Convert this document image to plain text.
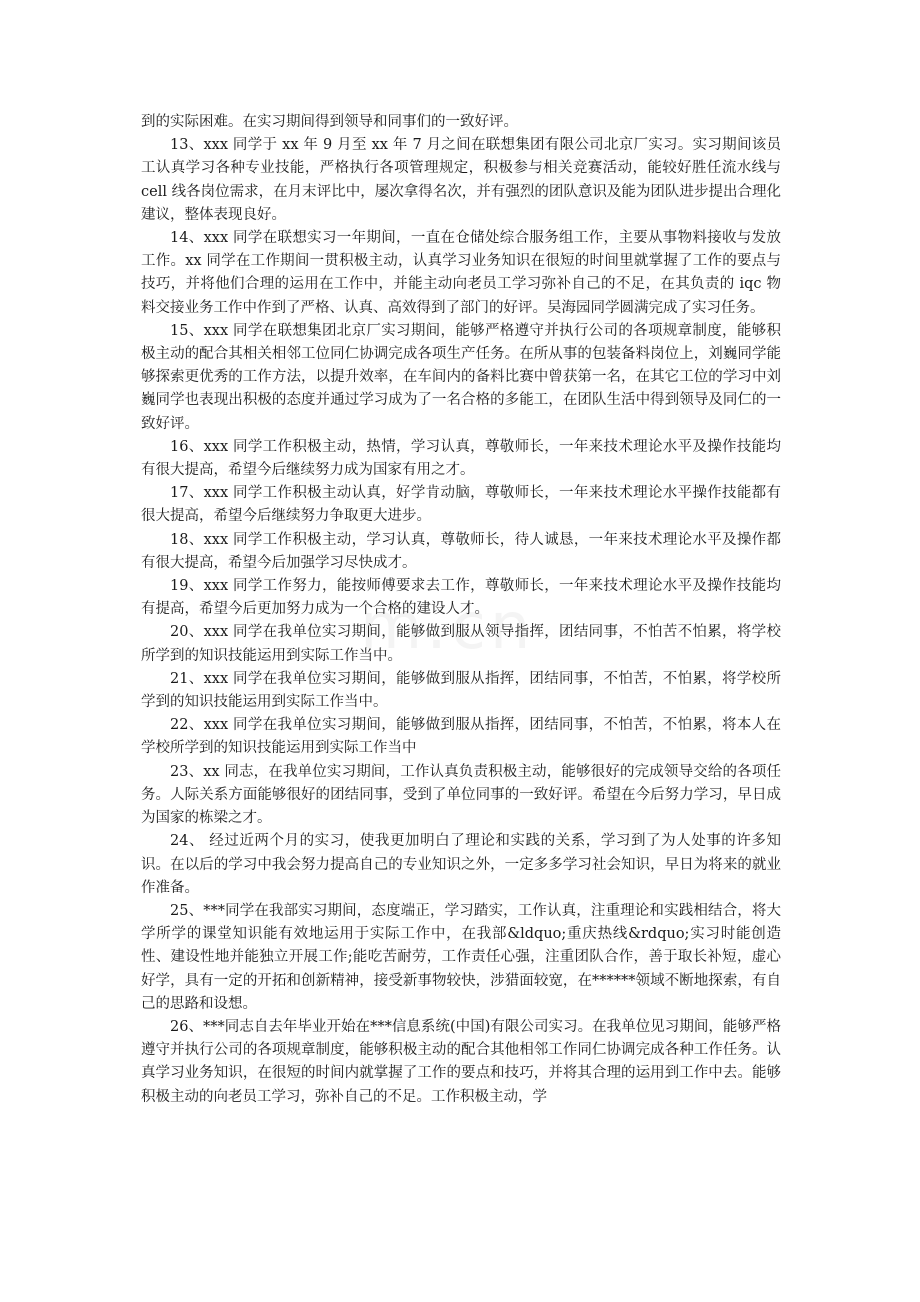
到的实际困难。在实习期间得到领导和同事们的一致好评。

13、xxx 同学于 xx 年 9 月至 xx 年 7 月之间在联想集团有限公司北京厂实习。实习期间该员工认真学习各种专业技能，严格执行各项管理规定，积极参与相关竞赛活动，能较好胜任流水线与 cell 线各岗位需求，在月末评比中，屡次拿得名次，并有强烈的团队意识及能为团队进步提出合理化建议，整体表现良好。

14、xxx 同学在联想实习一年期间，一直在仓储处综合服务组工作，主要从事物料接收与发放工作。xx 同学在工作期间一贯积极主动，认真学习业务知识在很短的时间里就掌握了工作的要点与技巧，并将他们合理的运用在工作中，并能主动向老员工学习弥补自己的不足，在其负责的 iqc 物料交接业务工作中作到了严格、认真、高效得到了部门的好评。吴海园同学圆满完成了实习任务。

15、xxx 同学在联想集团北京厂实习期间，能够严格遵守并执行公司的各项规章制度，能够积极主动的配合其相关相邻工位同仁协调完成各项生产任务。在所从事的包装备料岗位上，刘巍同学能够探索更优秀的工作方法，以提升效率，在车间内的备料比赛中曾获第一名，在其它工位的学习中刘巍同学也表现出积极的态度并通过学习成为了一名合格的多能工，在团队生活中得到领导及同仁的一致好评。

16、xxx 同学工作积极主动，热情，学习认真，尊敬师长，一年来技术理论水平及操作技能均有很大提高，希望今后继续努力成为国家有用之才。

17、xxx 同学工作积极主动认真，好学肯动脑，尊敬师长，一年来技术理论水平操作技能都有很大提高，希望今后继续努力争取更大进步。

18、xxx 同学工作积极主动，学习认真，尊敬师长，待人诚恳，一年来技术理论水平及操作都有很大提高，希望今后加强学习尽快成才。

19、xxx 同学工作努力，能按师傅要求去工作，尊敬师长，一年来技术理论水平及操作技能均有提高，希望今后更加努力成为一个合格的建设人才。

20、xxx 同学在我单位实习期间，能够做到服从领导指挥，团结同事，不怕苦不怕累，将学校所学到的知识技能运用到实际工作当中。

21、xxx 同学在我单位实习期间，能够做到服从指挥，团结同事，不怕苦，不怕累，将学校所学到的知识技能运用到实际工作当中。

22、xxx 同学在我单位实习期间，能够做到服从指挥，团结同事，不怕苦，不怕累，将本人在学校所学到的知识技能运用到实际工作当中

23、xx 同志，在我单位实习期间，工作认真负责积极主动，能够很好的完成领导交给的各项任务。人际关系方面能够很好的团结同事，受到了单位同事的一致好评。希望在今后努力学习，早日成为国家的栋梁之才。

24、 经过近两个月的实习，使我更加明白了理论和实践的关系，学习到了为人处事的许多知识。在以后的学习中我会努力提高自己的专业知识之外，一定多多学习社会知识，早日为将来的就业作准备。

25、***同学在我部实习期间，态度端正，学习踏实，工作认真，注重理论和实践相结合，将大学所学的课堂知识能有效地运用于实际工作中，在我部&ldquo;重庆热线&rdquo;实习时能创造性、建设性地并能独立开展工作;能吃苦耐劳，工作责任心强，注重团队合作，善于取长补短，虚心好学，具有一定的开拓和创新精神，接受新事物较快，涉猎面较宽，在******领域不断地探索，有自己的思路和设想。

26、***同志自去年毕业开始在***信息系统(中国)有限公司实习。在我单位见习期间，能够严格遵守并执行公司的各项规章制度，能够积极主动的配合其他相邻工作同仁协调完成各种工作任务。认真学习业务知识，在很短的时间内就掌握了工作的要点和技巧，并将其合理的运用到工作中去。能够积极主动的向老员工学习，弥补自己的不足。工作积极主动，学
